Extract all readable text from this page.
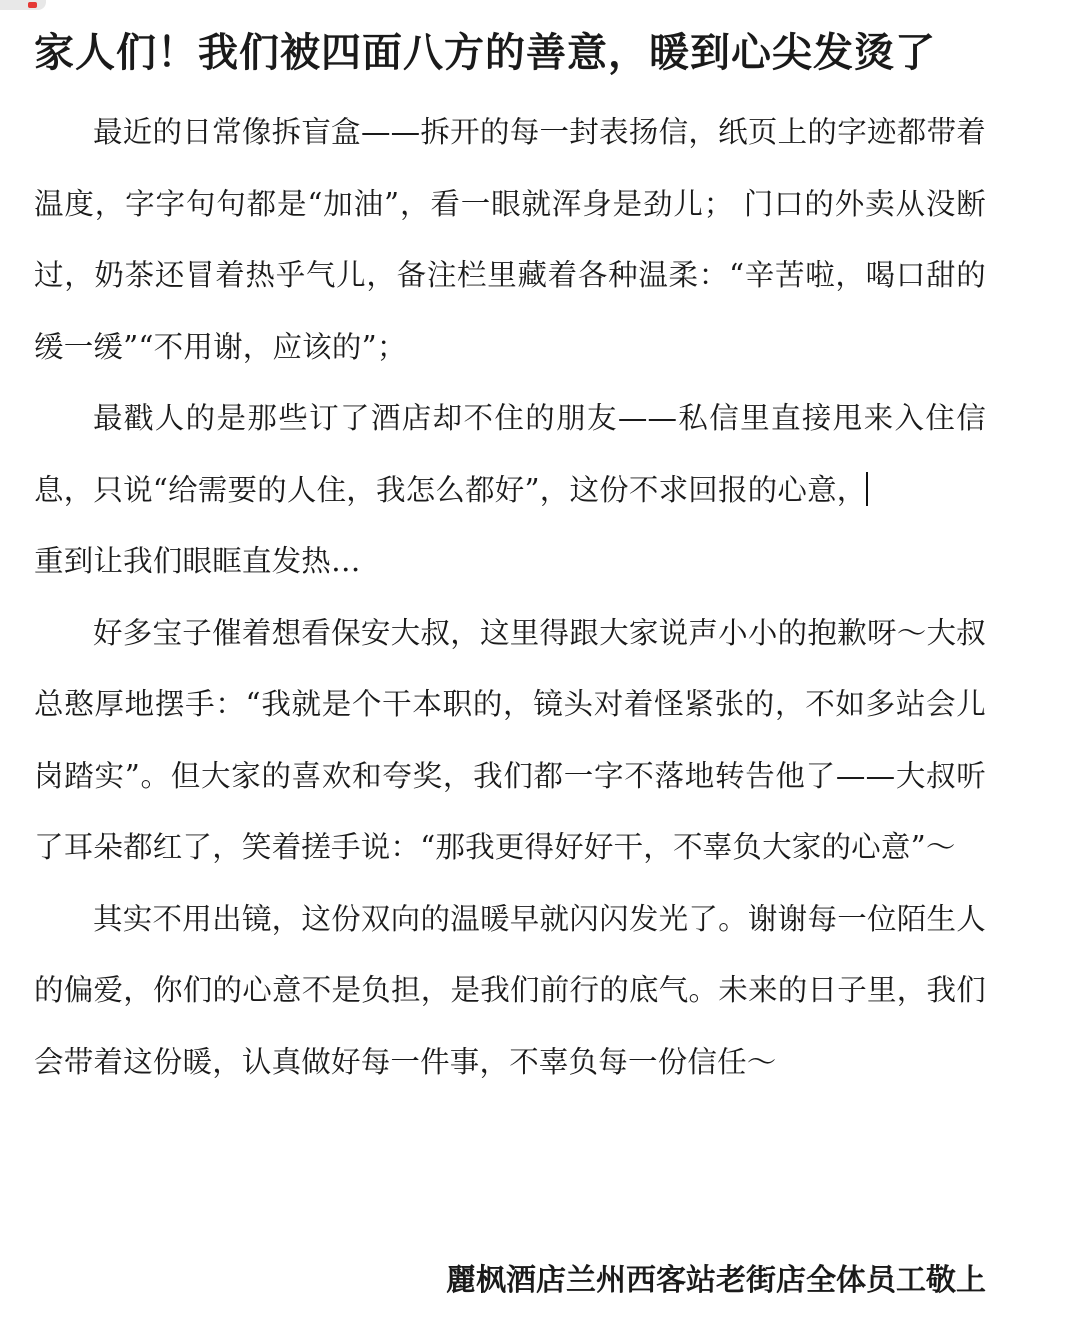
家人们！我们被四面八方的善意，暖到心尖发烫了

最近的日常像拆盲盒——拆开的每一封表扬信，纸页上的字迹都带着温度，字字句句都是“加油”，看一眼就浑身是劲儿； 门口的外卖从没断过，奶茶还冒着热乎气儿，备注栏里藏着各种温柔：“辛苦啦，喝口甜的缓一缓”“不用谢，应该的”；

最戳人的是那些订了酒店却不住的朋友——私信里直接甩来入住信息，只说“给需要的人住，我怎么都好”，这份不求回报的心意，
重到让我们眼眶直发热…

好多宝子催着想看保安大叔，这里得跟大家说声小小的抱歉呀～大叔总憨厚地摆手：“我就是个干本职的，镜头对着怪紧张的，不如多站会儿岗踏实”。但大家的喜欢和夸奖，我们都一字不落地转告他了——大叔听了耳朵都红了，笑着搓手说：“那我更得好好干，不辜负大家的心意”～

其实不用出镜，这份双向的温暖早就闪闪发光了。谢谢每一位陌生人的偏爱，你们的心意不是负担，是我们前行的底气。未来的日子里，我们会带着这份暖，认真做好每一件事，不辜负每一份信任～

麗枫酒店兰州西客站老街店全体员工敬上
